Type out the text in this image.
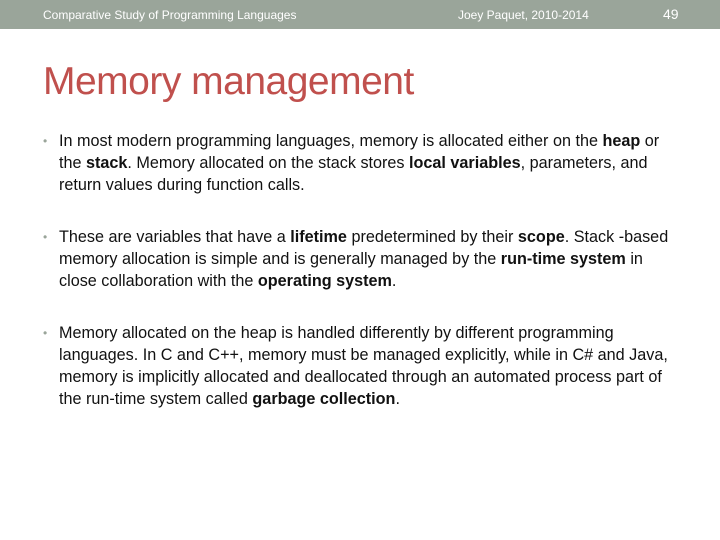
Comparative Study of Programming Languages	Joey Paquet, 2010-2014	49
Memory management
• In most modern programming languages, memory is allocated either on the heap or the stack. Memory allocated on the stack stores local variables, parameters, and return values during function calls.
• These are variables that have a lifetime predetermined by their scope. Stack -based memory allocation is simple and is generally managed by the run-time system in close collaboration with the operating system.
• Memory allocated on the heap is handled differently by different programming languages. In C and C++, memory must be managed explicitly, while in C# and Java, memory is implicitly allocated and deallocated through an automated process part of the run-time system called garbage collection.
